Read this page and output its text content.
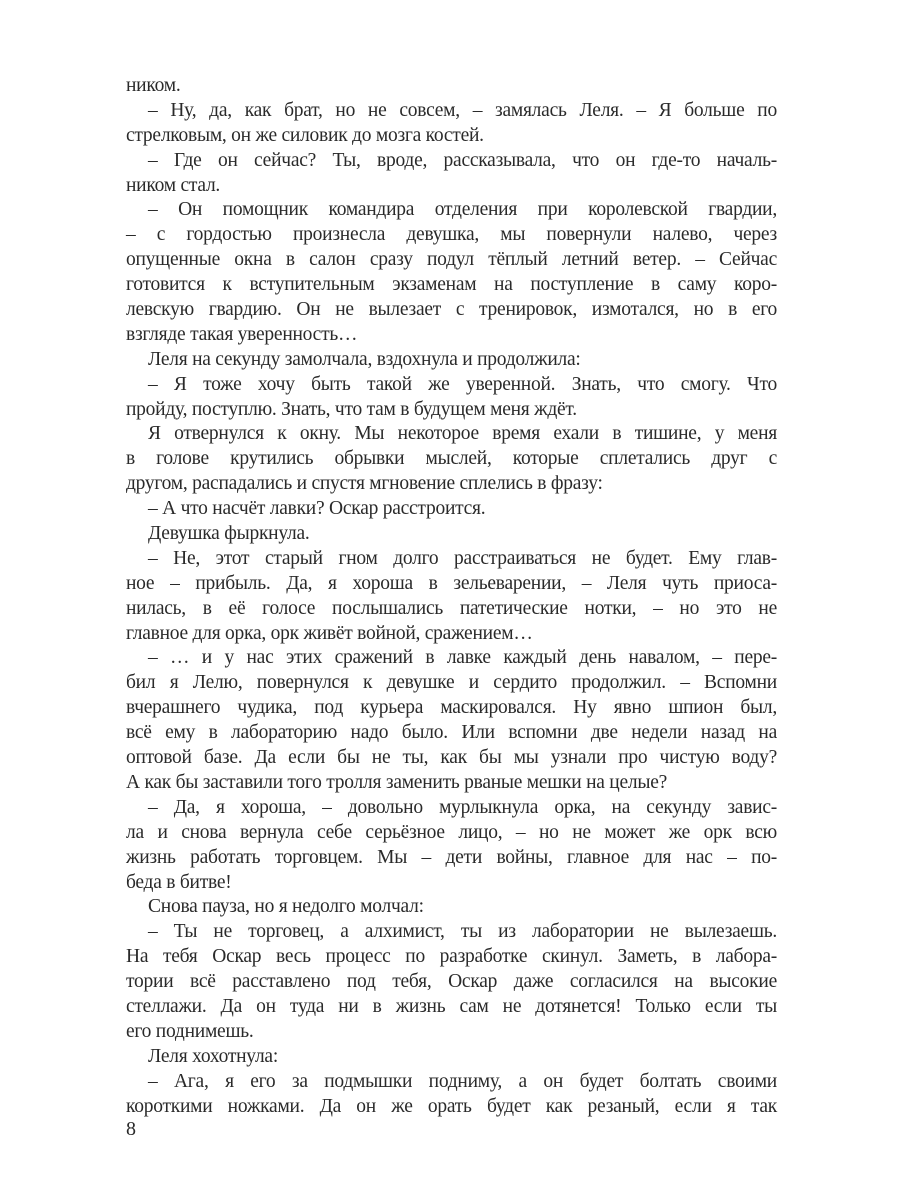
ником.
– Ну, да, как брат, но не совсем, – замялась Леля. – Я больше по
стрелковым, он же силовик до мозга костей.
– Где он сейчас? Ты, вроде, рассказывала, что он где-то началь-
ником стал.
– Он помощник командира отделения при королевской гвардии,
– с гордостью произнесла девушка, мы повернули налево, через
опущенные окна в салон сразу подул тёплый летний ветер. – Сейчас
готовится к вступительным экзаменам на поступление в саму коро-
левскую гвардию. Он не вылезает с тренировок, измотался, но в его
взгляде такая уверенность…
Леля на секунду замолчала, вздохнула и продолжила:
– Я тоже хочу быть такой же уверенной. Знать, что смогу. Что
пройду, поступлю. Знать, что там в будущем меня ждёт.
Я отвернулся к окну. Мы некоторое время ехали в тишине, у меня
в голове крутились обрывки мыслей, которые сплетались друг с
другом, распадались и спустя мгновение сплелись в фразу:
– А что насчёт лавки? Оскар расстроится.
Девушка фыркнула.
– Не, этот старый гном долго расстраиваться не будет. Ему глав-
ное – прибыль. Да, я хороша в зельеварении, – Леля чуть приоса-
нилась, в её голосе послышались патетические нотки, – но это не
главное для орка, орк живёт войной, сражением…
– … и у нас этих сражений в лавке каждый день навалом, – пере-
бил я Лелю, повернулся к девушке и сердито продолжил. – Вспомни
вчерашнего чудика, под курьера маскировался. Ну явно шпион был,
всё ему в лабораторию надо было. Или вспомни две недели назад на
оптовой базе. Да если бы не ты, как бы мы узнали про чистую воду?
А как бы заставили того тролля заменить рваные мешки на целые?
– Да, я хороша, – довольно мурлыкнула орка, на секунду завис-
ла и снова вернула себе серьёзное лицо, – но не может же орк всю
жизнь работать торговцем. Мы – дети войны, главное для нас – по-
беда в битве!
Снова пауза, но я недолго молчал:
– Ты не торговец, а алхимист, ты из лаборатории не вылезаешь.
На тебя Оскар весь процесс по разработке скинул. Заметь, в лабора-
тории всё расставлено под тебя, Оскар даже согласился на высокие
стеллажи. Да он туда ни в жизнь сам не дотянется! Только если ты
его поднимешь.
Леля хохотнула:
– Ага, я его за подмышки подниму, а он будет болтать своими
короткими ножками. Да он же орать будет как резаный, если я так
8
